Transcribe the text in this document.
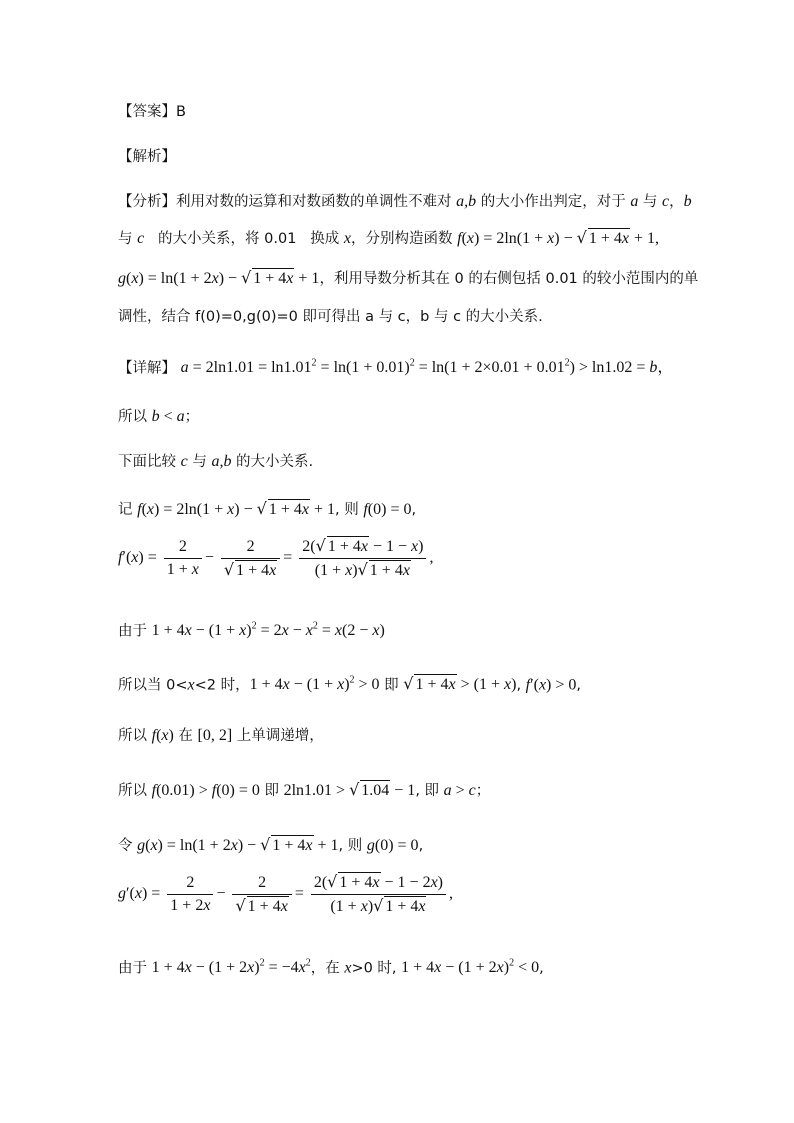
【答案】B
【解析】
【分析】利用对数的运算和对数函数的单调性不难对 a,b 的大小作出判定，对于 a 与 c，b
与 c   的大小关系，将 0.01   换成 x，分别构造函数 f(x) = 2ln(1 + x) − √ 1 + 4x + 1,
g(x) = ln(1 + 2x) − √ 1 + 4x + 1，利用导数分析其在 0 的右侧包括 0.01 的较小范围内的单
调性，结合 f(0)=0,g(0)=0 即可得出 a 与 c，b 与 c 的大小关系.
【详解】 $a = 2\ln 1.01 = \ln 1.01^2 = \ln(1 + 0.01)^2 = \ln(1 + 2\times 0.01 + 0.01^2) > \ln 1.02 = b$，
所以 b < a；
下面比较 c 与 a,b 的大小关系.
记 f(x) = 2ln(1 + x) − √ 1 + 4x + 1, 则 f(0) = 0,
$f'(x) = \frac{2}{1 + x} - \frac{2}{√ 1 + 4x} = \frac{2(√ 1 + 4x - 1 - x)}{(1 + x)√ 1 + 4x}$ ,
由于 $1 + 4x - (1 + x)^2 = 2x - x^2 = x(2 - x)$
所以当 0<x<2 时，$1 + 4x - (1 + x)^2 > 0$ 即 √ 1 + 4x > (1 + x), f′(x) > 0,
所以 f(x) 在 [0, 2] 上单调递增，
所以 f(0.01) > f(0) = 0 即 2ln1.01 > √ 1.04 − 1, 即 a > c；
令 g(x) = ln(1 + 2x) − √ 1 + 4x + 1, 则 g(0) = 0,
$g'(x) = \frac{2}{1 + 2x} - \frac{2}{√ 1 + 4x} = \frac{2(√ 1 + 4x - 1 - 2x)}{(1 + x)√ 1 + 4x}$ ,
由于 $1 + 4x - (1 + 2x)^2 = -4x^2$，在 x>0 时, $1 + 4x - (1 + 2x)^2 < 0$,
